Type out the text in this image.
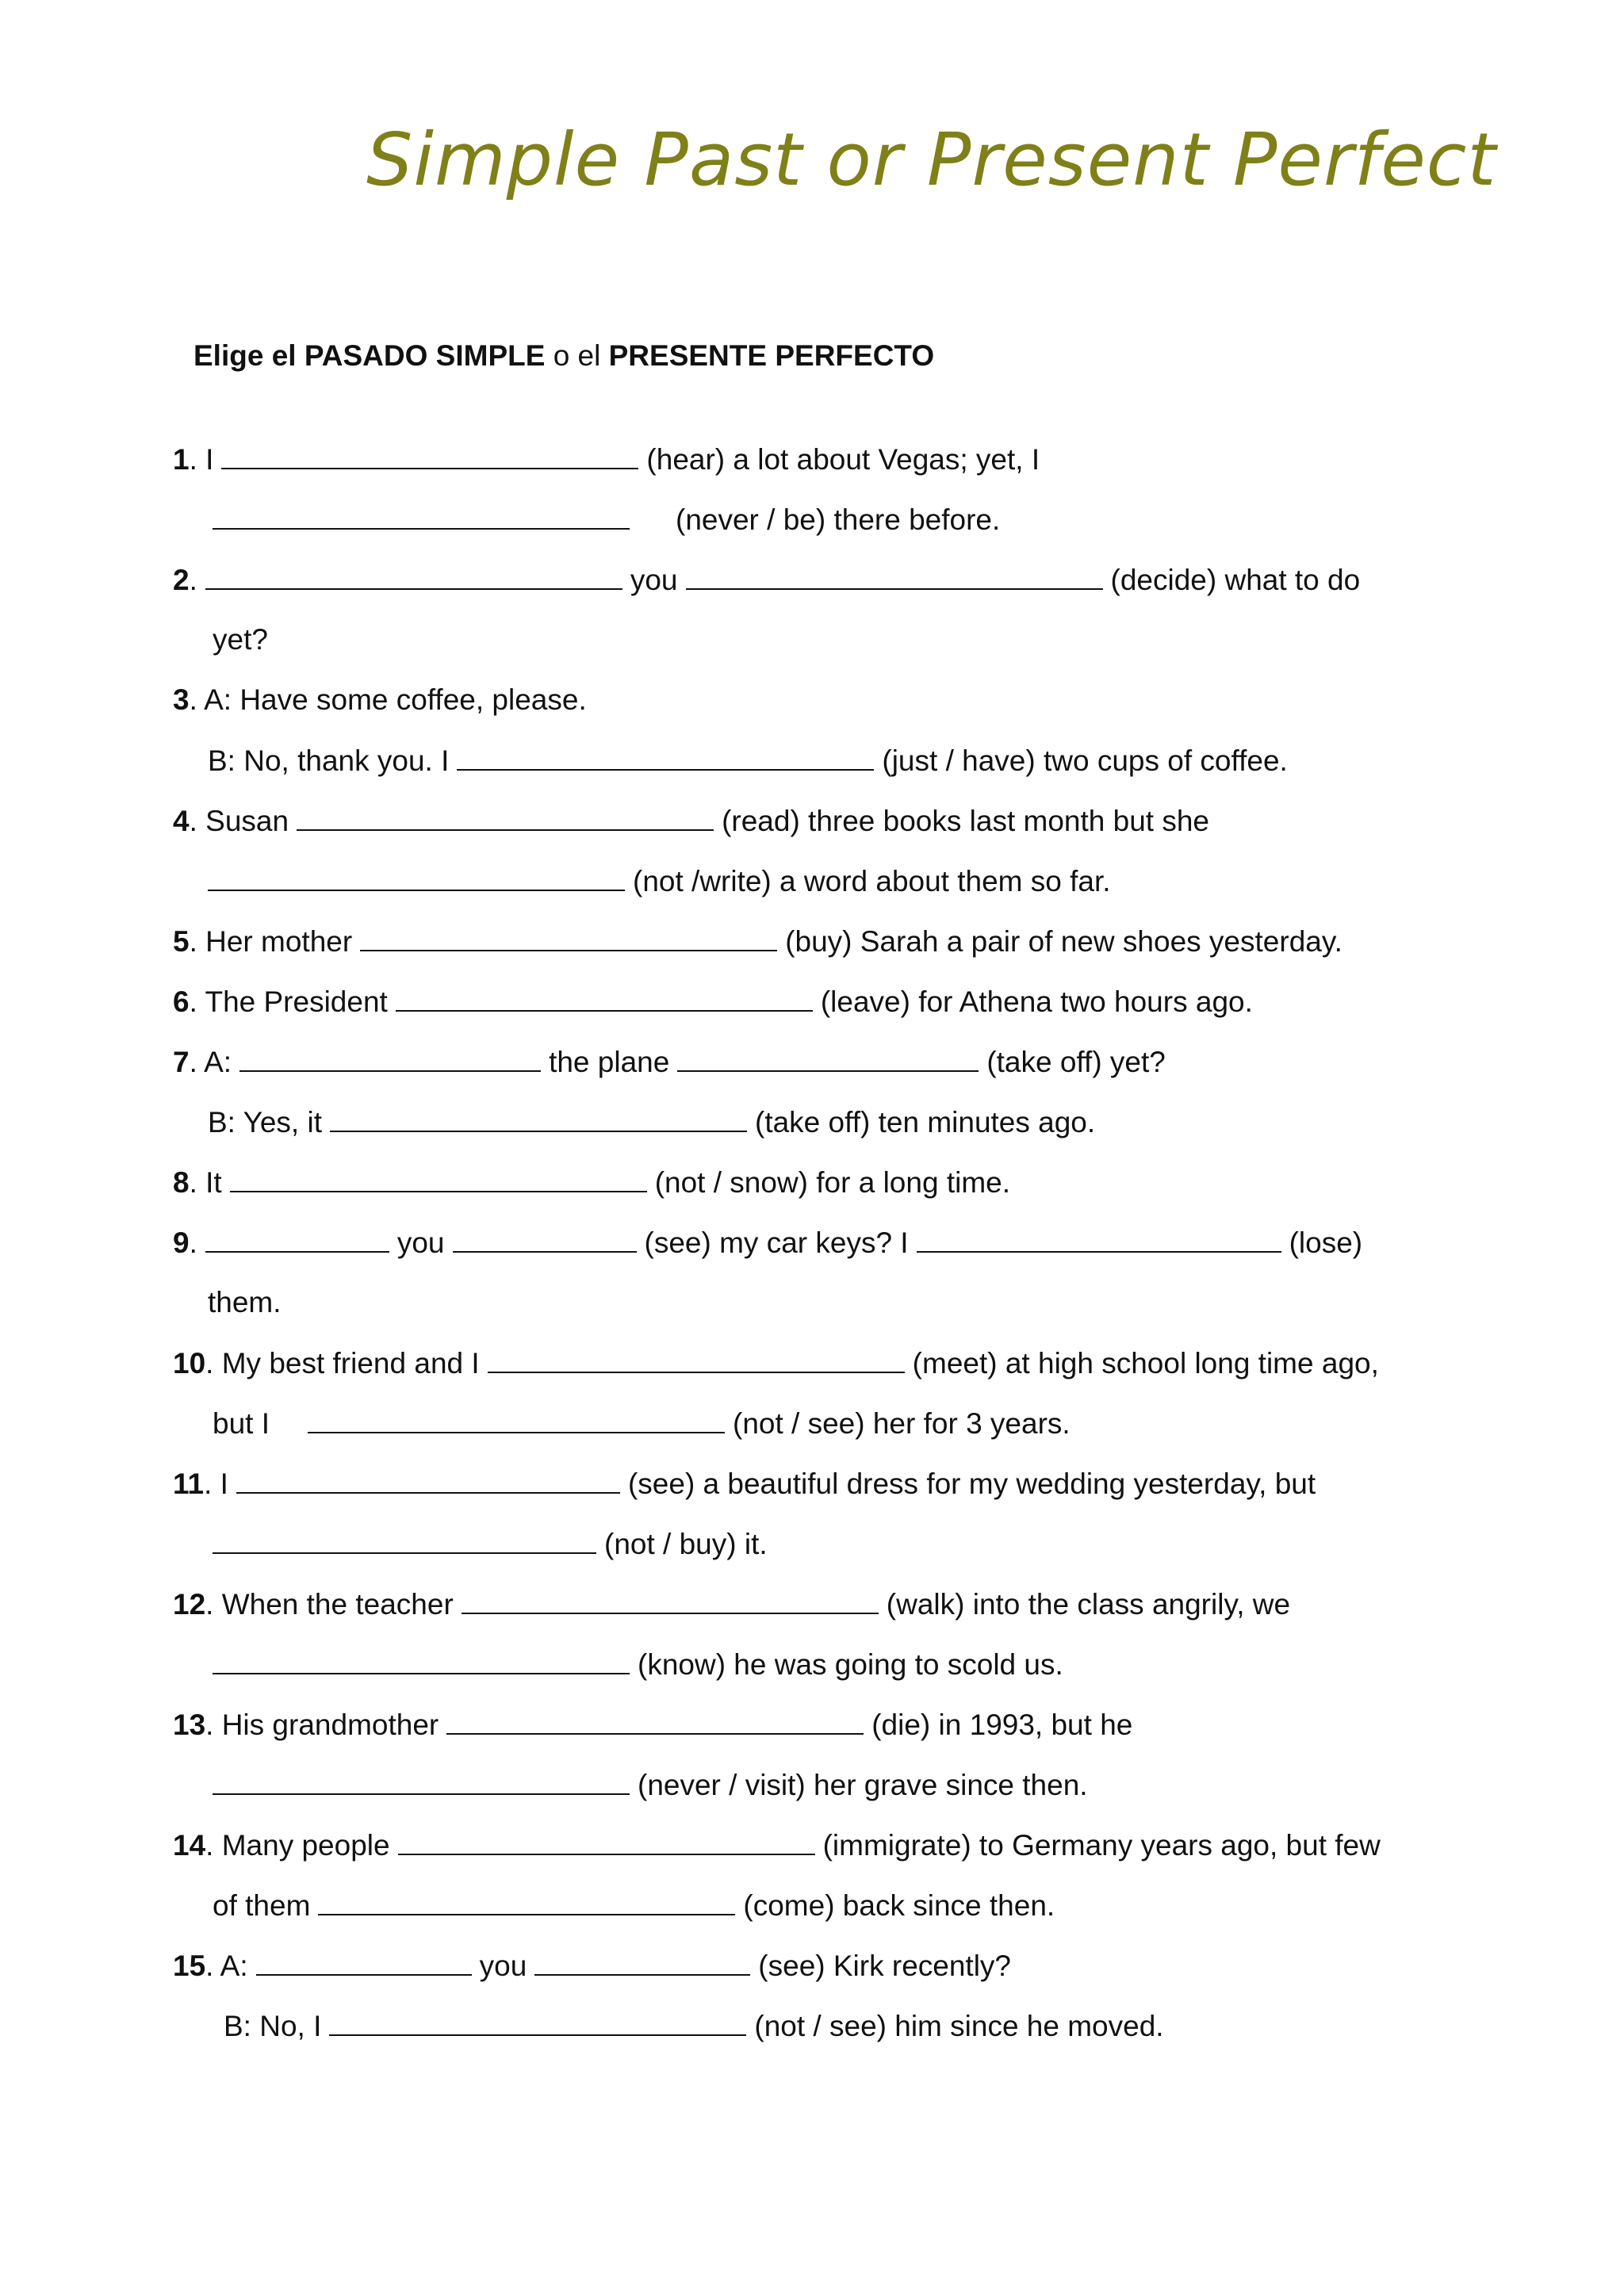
Simple Past or Present Perfect
Elige el PASADO SIMPLE o el PRESENTE PERFECTO
1. I	(hear) a lot about Vegas; yet, I
(never / be) there before.
2.	you	(decide) what to do
yet?
3. A: Have some coffee, please.
B: No, thank you. I	(just / have) two cups of coffee.
4. Susan	(read) three books last month but she
(not /write) a word about them so far.
5. Her mother	(buy) Sarah a pair of new shoes yesterday.
6. The President	(leave) for Athena two hours ago.
7. A:	the plane	(take off) yet?
B: Yes, it	(take off) ten minutes ago.
8. It	(not / snow) for a long time.
9.	you	(see) my car keys? I	(lose)
them.
10. My best friend and I	(meet) at high school long time ago,
but I	(not / see) her for 3 years.
11. I	(see) a beautiful dress for my wedding yesterday, but
(not / buy) it.
12. When the teacher	(walk) into the class angrily, we
(know) he was going to scold us.
13. His grandmother	(die) in 1993, but he
(never / visit) her grave since then.
14. Many people	(immigrate) to Germany years ago, but few
of them	(come) back since then.
15. A:	you	(see) Kirk recently?
B: No, I	(not / see) him since he moved.
